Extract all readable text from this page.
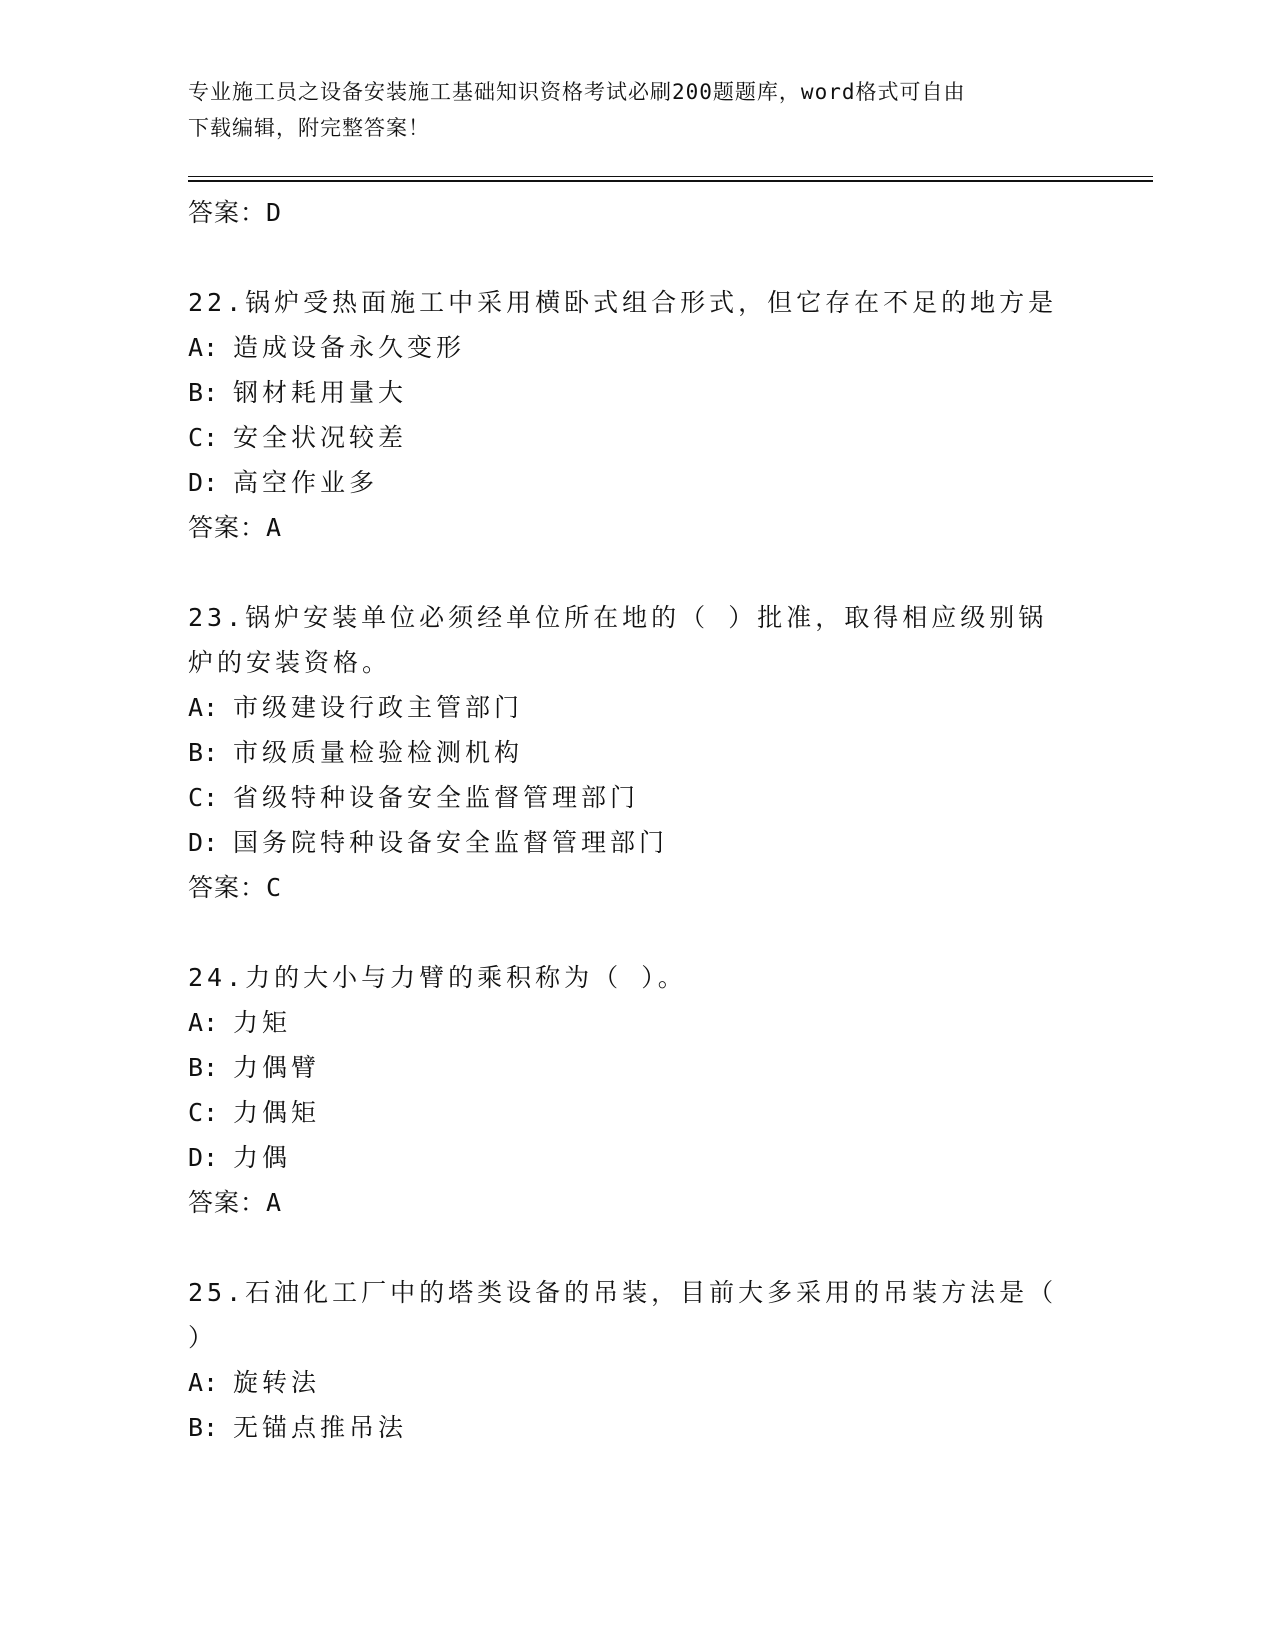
专业施工员之设备安装施工基础知识资格考试必刷200题题库，word格式可自由
下载编辑，附完整答案！
答案：D
22.锅炉受热面施工中采用横卧式组合形式，但它存在不足的地方是
A: 造成设备永久变形
B: 钢材耗用量大
C: 安全状况较差
D: 高空作业多
答案：A
23.锅炉安装单位必须经单位所在地的（ ）批准，取得相应级别锅炉的安装资格。
A: 市级建设行政主管部门
B: 市级质量检验检测机构
C: 省级特种设备安全监督管理部门
D: 国务院特种设备安全监督管理部门
答案：C
24.力的大小与力臂的乘积称为（ ）。
A: 力矩
B: 力偶臂
C: 力偶矩
D: 力偶
答案：A
25.石油化工厂中的塔类设备的吊装，目前大多采用的吊装方法是（ ）
A: 旋转法
B: 无锚点推吊法
